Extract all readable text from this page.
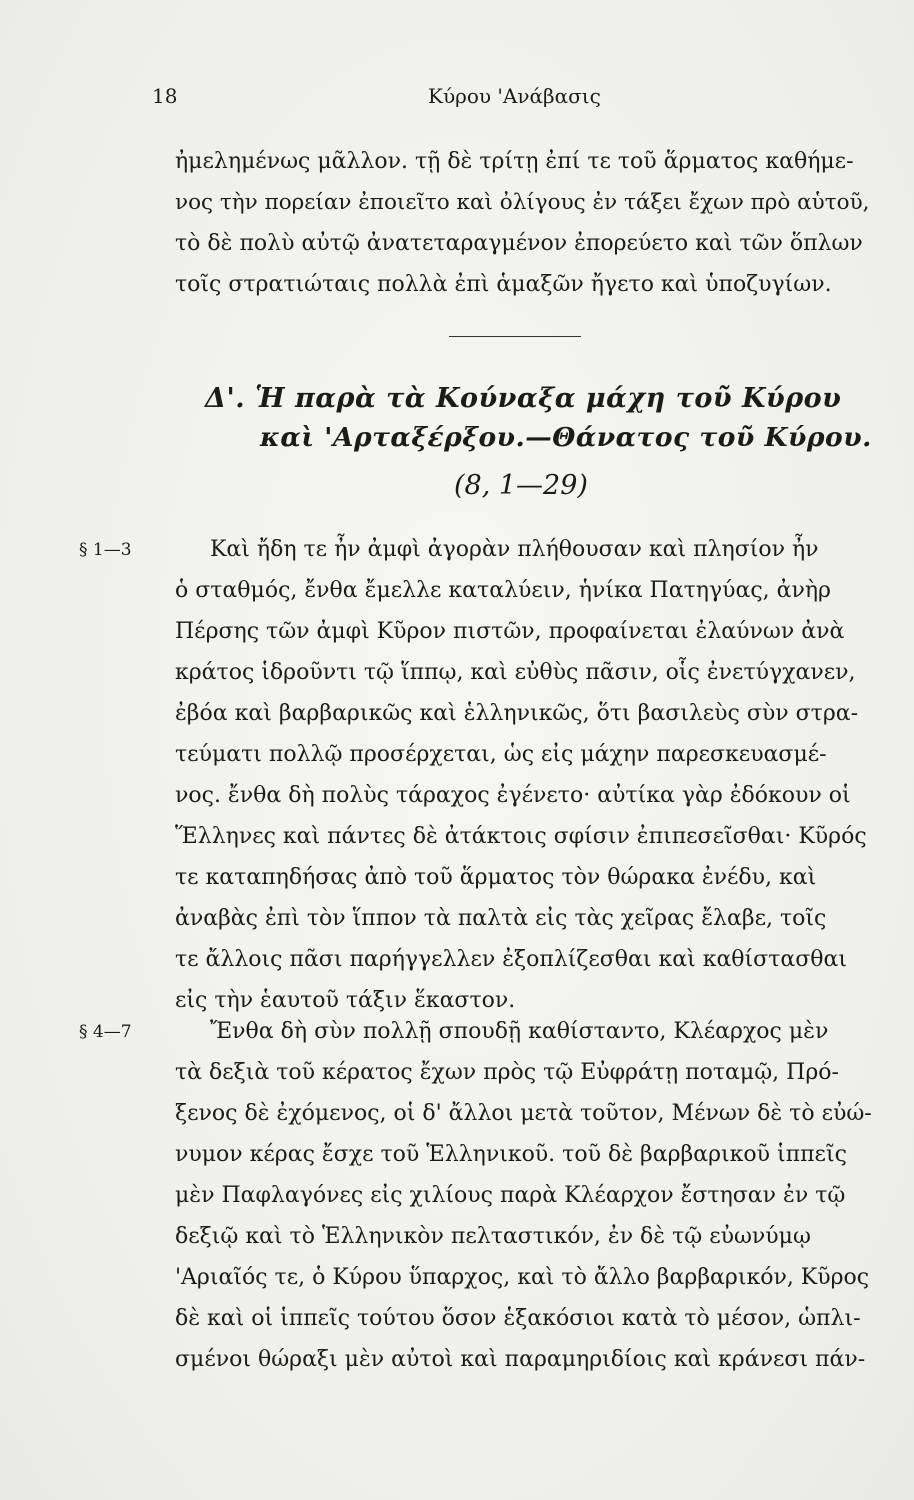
18	Κύρου 'Ανάβασις
ἠμελημένως μᾶλλον. τῇ δὲ τρίτῃ ἐπί τε τοῦ ἅρματος καθήμε-
νος τὴν πορείαν ἐποιεῖτο καὶ ὀλίγους ἐν τάξει ἔχων πρὸ αὑτοῦ,
τὸ δὲ πολὺ αὐτῷ ἀνατεταραγμένον ἐπορεύετο καὶ τῶν ὅπλων
τοῖς στρατιώταις πολλὰ ἐπὶ ἁμαξῶν ἤγετο καὶ ὑποζυγίων.
Δ'. Ἡ παρὰ τὰ Κούναξα μάχη τοῦ Κύρου
καὶ 'Αρταξέρξου.—Θάνατος τοῦ Κύρου.
(8, 1—29)
§ 1—3	Καὶ ἤδη τε ἦν ἀμφὶ ἀγορὰν πλήθουσαν καὶ πλησίον ἦν
ὁ σταθμός, ἔνθα ἔμελλε καταλύειν, ἡνίκα Πατηγύας, ἀνὴρ
Πέρσης τῶν ἀμφὶ Κῦρον πιστῶν, προφαίνεται ἐλαύνων ἀνὰ
κράτος ἱδροῦντι τῷ ἵππῳ, καὶ εὐθὺς πᾶσιν, οἷς ἐνετύγχανεν,
ἐβόα καὶ βαρβαρικῶς καὶ ἑλληνικῶς, ὅτι βασιλεὺς σὺν στρα-
τεύματι πολλῷ προσέρχεται, ὡς εἰς μάχην παρεσκευασμέ-
νος. ἔνθα δὴ πολὺς τάραχος ἐγένετο· αὐτίκα γὰρ ἐδόκουν οἱ
Ἕλληνες καὶ πάντες δὲ ἀτάκτοις σφίσιν ἐπιπεσεῖσθαι· Κῦρός
τε καταπηδήσας ἀπὸ τοῦ ἅρματος τὸν θώρακα ἐνέδυ, καὶ
ἀναβὰς ἐπὶ τὸν ἵππον τὰ παλτὰ εἰς τὰς χεῖρας ἔλαβε, τοῖς
τε ἄλλοις πᾶσι παρήγγελλεν ἐξοπλίζεσθαι καὶ καθίστασθαι
εἰς τὴν ἑαυτοῦ τάξιν ἕκαστον.
§ 4—7	Ἔνθα δὴ σὺν πολλῇ σπουδῇ καθίσταντο, Κλέαρχος μὲν
τὰ δεξιὰ τοῦ κέρατος ἔχων πρὸς τῷ Εὐφράτῃ ποταμῷ, Πρό-
ξενος δὲ ἐχόμενος, οἱ δ' ἄλλοι μετὰ τοῦτον, Μένων δὲ τὸ εὐώ-
νυμον κέρας ἔσχε τοῦ Ἑλληνικοῦ. τοῦ δὲ βαρβαρικοῦ ἱππεῖς
μὲν Παφλαγόνες εἰς χιλίους παρὰ Κλέαρχον ἔστησαν ἐν τῷ
δεξιῷ καὶ τὸ Ἑλληνικὸν πελταστικόν, ἐν δὲ τῷ εὐωνύμῳ
'Αριαῖός τε, ὁ Κύρου ὕπαρχος, καὶ τὸ ἄλλο βαρβαρικόν, Κῦρος
δὲ καὶ οἱ ἱππεῖς τούτου ὅσον ἑξακόσιοι κατὰ τὸ μέσον, ὡπλι-
σμένοι θώραξι μὲν αὐτοὶ καὶ παραμηριδίοις καὶ κράνεσι πάν-
